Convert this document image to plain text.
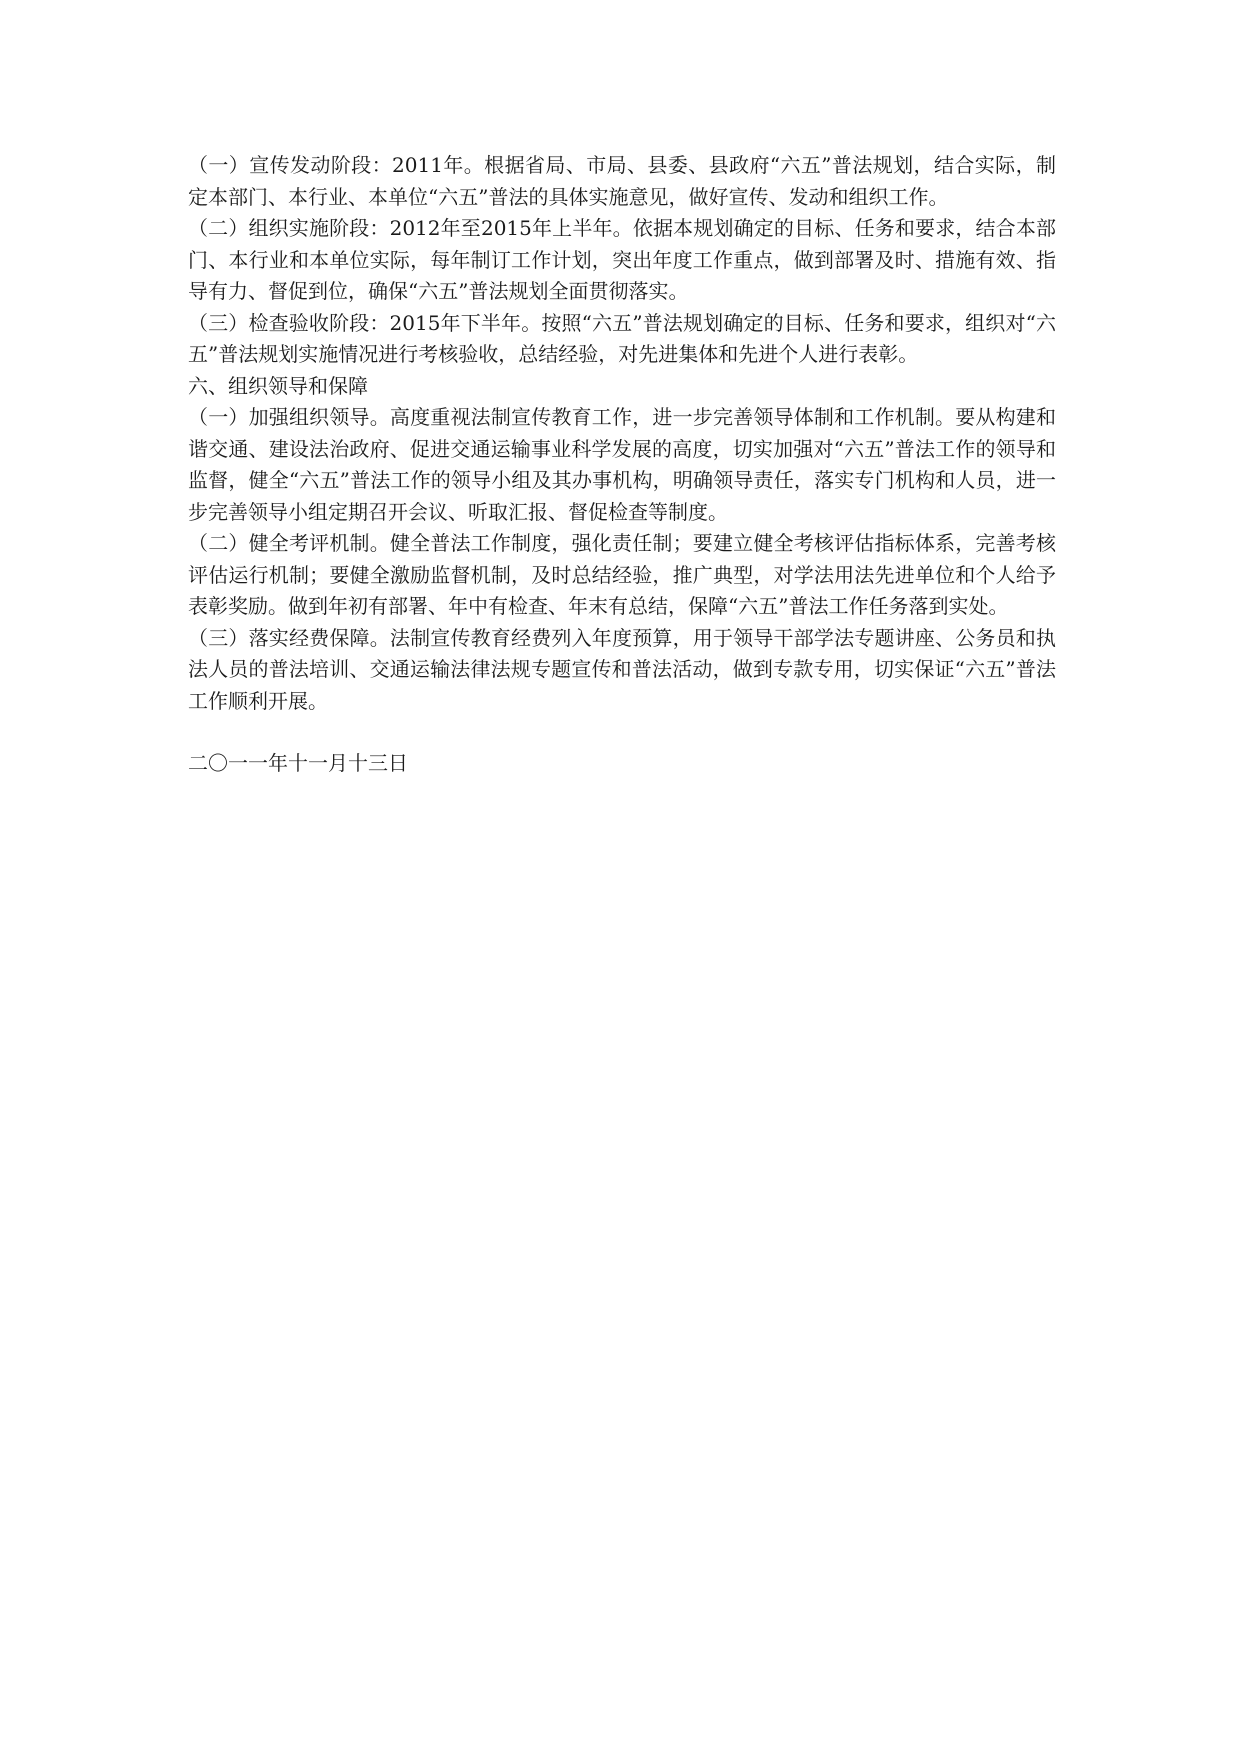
（一）宣传发动阶段：2011年。根据省局、市局、县委、县政府“六五”普法规划，结合实际，制定本部门、本行业、本单位“六五”普法的具体实施意见，做好宣传、发动和组织工作。

（二）组织实施阶段：2012年至2015年上半年。依据本规划确定的目标、任务和要求，结合本部门、本行业和本单位实际，每年制订工作计划，突出年度工作重点，做到部署及时、措施有效、指导有力、督促到位，确保“六五”普法规划全面贯彻落实。

（三）检查验收阶段：2015年下半年。按照“六五”普法规划确定的目标、任务和要求，组织对“六五”普法规划实施情况进行考核验收，总结经验，对先进集体和先进个人进行表彰。

六、组织领导和保障

（一）加强组织领导。高度重视法制宣传教育工作，进一步完善领导体制和工作机制。要从构建和谐交通、建设法治政府、促进交通运输事业科学发展的高度，切实加强对“六五”普法工作的领导和监督，健全“六五”普法工作的领导小组及其办事机构，明确领导责任，落实专门机构和人员，进一步完善领导小组定期召开会议、听取汇报、督促检查等制度。

（二）健全考评机制。健全普法工作制度，强化责任制；要建立健全考核评估指标体系，完善考核评估运行机制；要健全激励监督机制，及时总结经验，推广典型，对学法用法先进单位和个人给予表彰奖励。做到年初有部署、年中有检查、年末有总结，保障“六五”普法工作任务落到实处。

（三）落实经费保障。法制宣传教育经费列入年度预算，用于领导干部学法专题讲座、公务员和执法人员的普法培训、交通运输法律法规专题宣传和普法活动，做到专款专用，切实保证“六五”普法工作顺利开展。

二〇一一年十一月十三日
